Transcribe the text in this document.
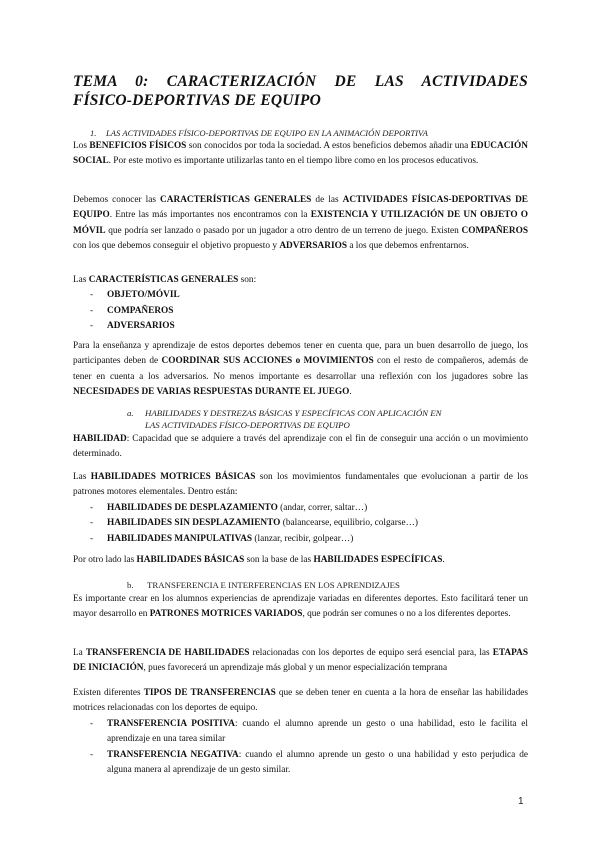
TEMA 0: CARACTERIZACIÓN DE LAS ACTIVIDADES
FÍSICO-DEPORTIVAS DE EQUIPO
1. LAS ACTIVIDADES FÍSICO-DEPORTIVAS DE EQUIPO EN LA ANIMACIÓN DEPORTIVA
Los BENEFICIOS FÍSICOS son conocidos por toda la sociedad. A estos beneficios debemos añadir una EDUCACIÓN SOCIAL. Por este motivo es importante utilizarlas tanto en el tiempo libre como en los procesos educativos.
Debemos conocer las CARACTERÍSTICAS GENERALES de las ACTIVIDADES FÍSICAS-DEPORTIVAS DE EQUIPO. Entre las más importantes nos encontramos con la EXISTENCIA Y UTILIZACIÓN DE UN OBJETO O MÓVIL que podría ser lanzado o pasado por un jugador a otro dentro de un terreno de juego. Existen COMPAÑEROS con los que debemos conseguir el objetivo propuesto y ADVERSARIOS a los que debemos enfrentarnos.
Las CARACTERÍSTICAS GENERALES son:
- OBJETO/MÓVIL
- COMPAÑEROS
- ADVERSARIOS
Para la enseñanza y aprendizaje de estos deportes debemos tener en cuenta que, para un buen desarrollo de juego, los participantes deben de COORDINAR SUS ACCIONES o MOVIMIENTOS con el resto de compañeros, además de tener en cuenta a los adversarios. No menos importante es desarrollar una reflexión con los jugadores sobre las NECESIDADES DE VARIAS RESPUESTAS DURANTE EL JUEGO.
a. HABILIDADES Y DESTREZAS BÁSICAS Y ESPECÍFICAS CON APLICACIÓN EN
LAS ACTIVIDADES FÍSICO-DEPORTIVAS DE EQUIPO
HABILIDAD: Capacidad que se adquiere a través del aprendizaje con el fin de conseguir una acción o un movimiento determinado.
Las HABILIDADES MOTRICES BÁSICAS son los movimientos fundamentales que evolucionan a partir de los patrones motores elementales. Dentro están:
- HABILIDADES DE DESPLAZAMIENTO (andar, correr, saltar…)
- HABILIDADES SIN DESPLAZAMIENTO (balancearse, equilibrio, colgarse…)
- HABILIDADES MANIPULATIVAS (lanzar, recibir, golpear…)
Por otro lado las HABILIDADES BÁSICAS son la base de las HABILIDADES ESPECÍFICAS.
b. TRANSFERENCIA E INTERFERENCIAS EN LOS APRENDIZAJES
Es importante crear en los alumnos experiencias de aprendizaje variadas en diferentes deportes. Esto facilitará tener un mayor desarrollo en PATRONES MOTRICES VARIADOS, que podrán ser comunes o no a los diferentes deportes.
La TRANSFERENCIA DE HABILIDADES relacionadas con los deportes de equipo será esencial para, las ETAPAS DE INICIACIÓN, pues favorecerá un aprendizaje más global y un menor especialización temprana
Existen diferentes TIPOS DE TRANSFERENCIAS que se deben tener en cuenta a la hora de enseñar las habilidades motrices relacionadas con los deportes de equipo.
- TRANSFERENCIA POSITIVA: cuando el alumno aprende un gesto o una habilidad, esto le facilita el aprendizaje en una tarea similar
- TRANSFERENCIA NEGATIVA: cuando el alumno aprende un gesto o una habilidad y esto perjudica de alguna manera al aprendizaje de un gesto similar.
1
